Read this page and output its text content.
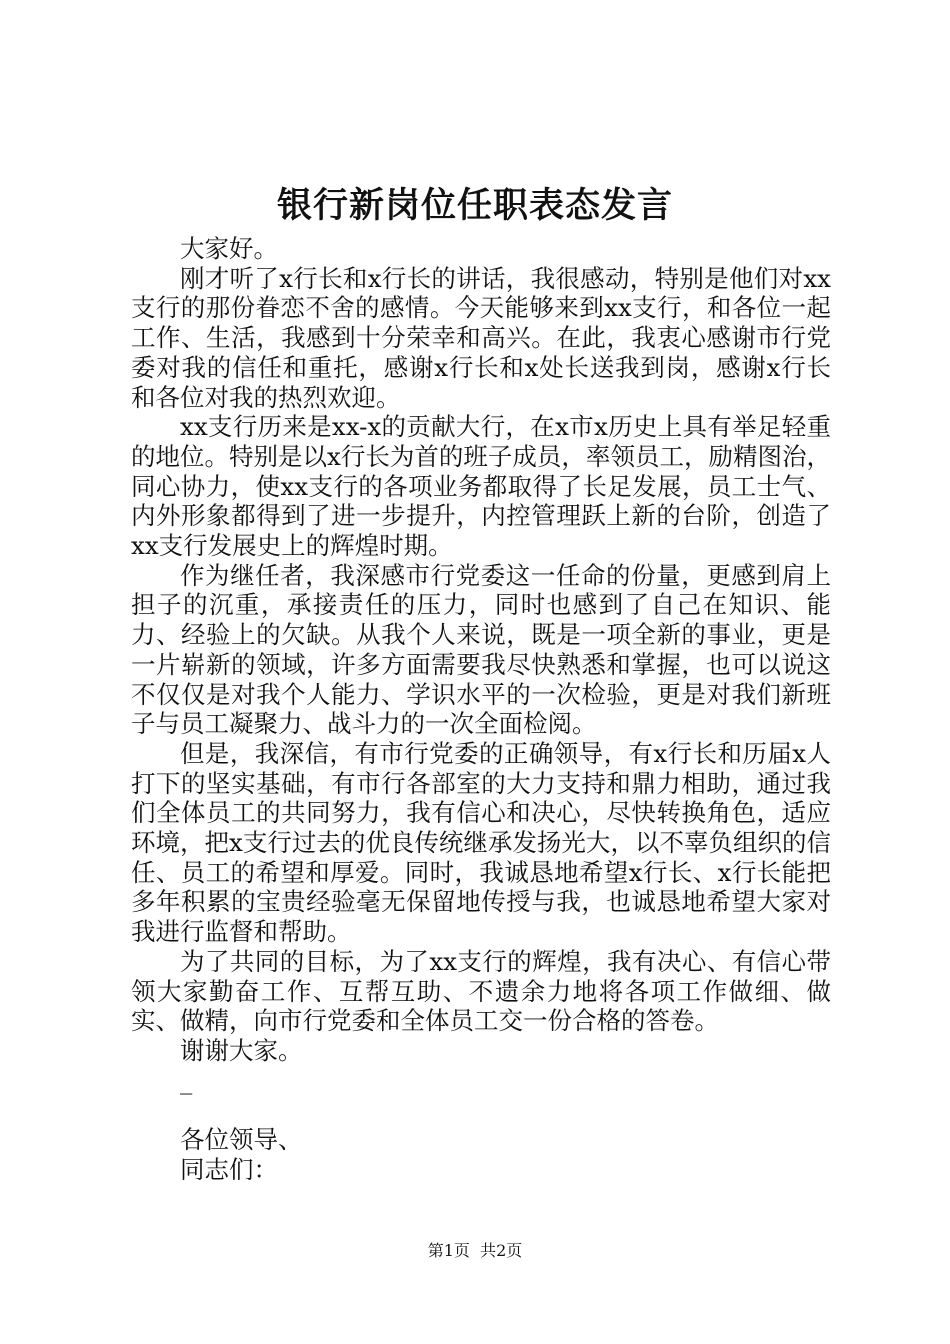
银行新岗位任职表态发言

大家好。

刚才听了x行长和x行长的讲话，我很感动，特别是他们对xx支行的那份眷恋不舍的感情。今天能够来到xx支行，和各位一起工作、生活，我感到十分荣幸和高兴。在此，我衷心感谢市行党委对我的信任和重托，感谢x行长和x处长送我到岗，感谢x行长和各位对我的热烈欢迎。

xx支行历来是xx-x的贡献大行，在x市x历史上具有举足轻重的地位。特别是以x行长为首的班子成员，率领员工，励精图治，同心协力，使xx支行的各项业务都取得了长足发展，员工士气、内外形象都得到了进一步提升，内控管理跃上新的台阶，创造了xx支行发展史上的辉煌时期。

作为继任者，我深感市行党委这一任命的份量，更感到肩上担子的沉重，承接责任的压力，同时也感到了自己在知识、能力、经验上的欠缺。从我个人来说，既是一项全新的事业，更是一片崭新的领域，许多方面需要我尽快熟悉和掌握，也可以说这不仅仅是对我个人能力、学识水平的一次检验，更是对我们新班子与员工凝聚力、战斗力的一次全面检阅。

但是，我深信，有市行党委的正确领导，有x行长和历届x人打下的坚实基础，有市行各部室的大力支持和鼎力相助，通过我们全体员工的共同努力，我有信心和决心，尽快转换角色，适应环境，把x支行过去的优良传统继承发扬光大，以不辜负组织的信任、员工的希望和厚爱。同时，我诚恳地希望x行长、x行长能把多年积累的宝贵经验毫无保留地传授与我，也诚恳地希望大家对我进行监督和帮助。

为了共同的目标，为了xx支行的辉煌，我有决心、有信心带领大家勤奋工作、互帮互助、不遗余力地将各项工作做细、做实、做精，向市行党委和全体员工交一份合格的答卷。

谢谢大家。

_

各位领导、

同志们：

第1页 共2页
